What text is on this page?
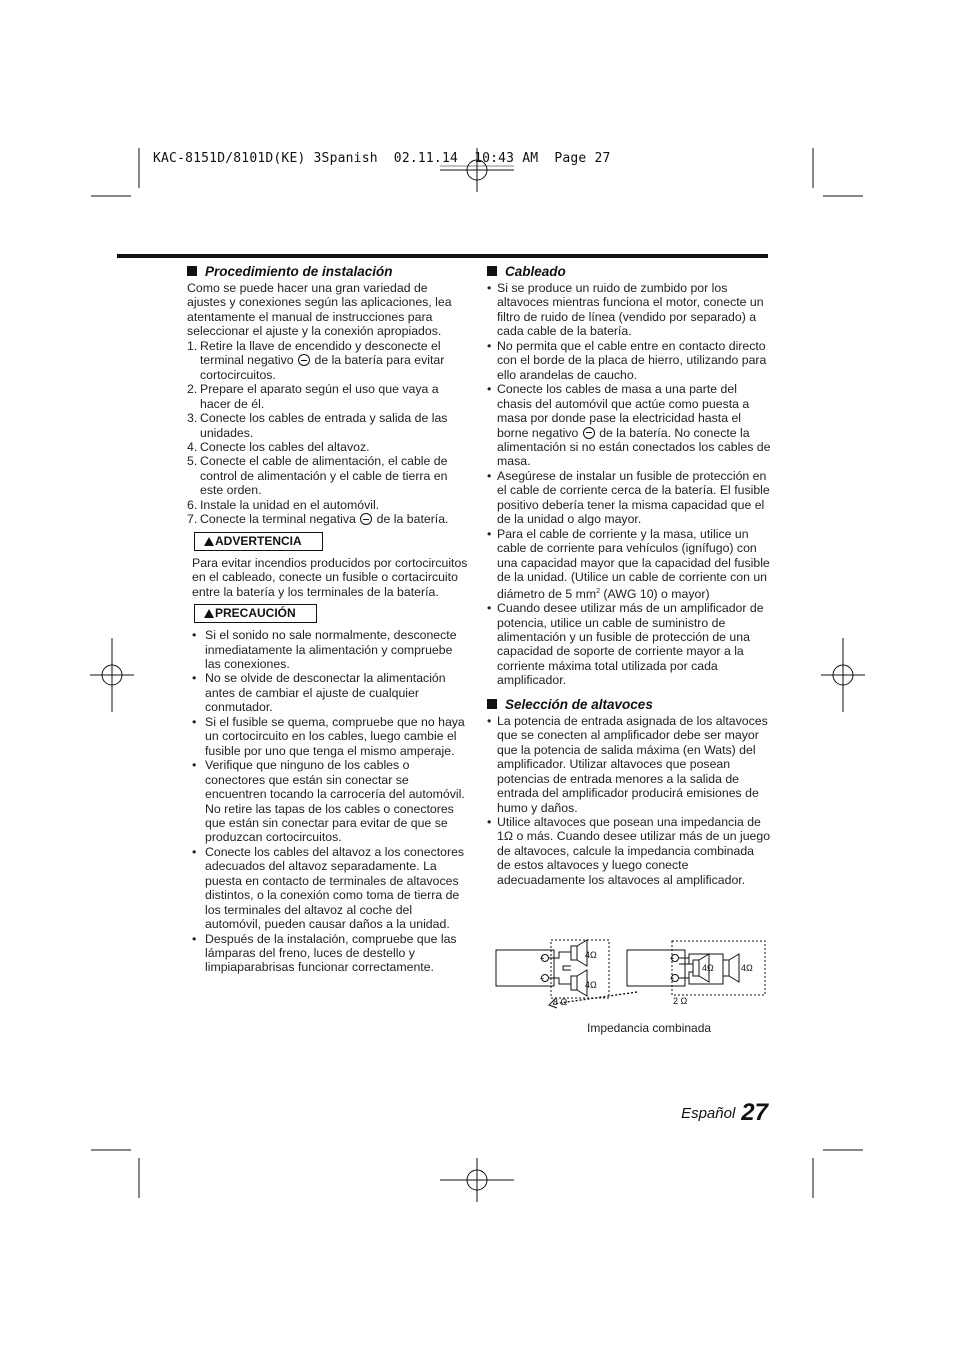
KAC-8151D/8101D(KE) 3Spanish  02.11.14  10:43 AM  Page 27
Procedimiento de instalación

Como se puede hacer una gran variedad de ajustes y conexiones según las aplicaciones, lea atentamente el manual de instrucciones para seleccionar el ajuste y la conexión apropiados.

1. Retire la llave de encendido y desconecte el terminal negativo  de la batería para evitar cortocircuitos.
2. Prepare el aparato según el uso que vaya a hacer de él.
3. Conecte los cables de entrada y salida de las unidades.
4. Conecte los cables del altavoz.
5. Conecte el cable de alimentación, el cable de control de alimentación y el cable de tierra en este orden.
6. Instale la unidad en el automóvil.
7. Conecte la terminal negativa  de la batería.
ADVERTENCIA

Para evitar incendios producidos por cortocircuitos en el cableado, conecte un fusible o cortacircuito entre la batería y los terminales de la batería.

PRECAUCIÓN
• Si el sonido no sale normalmente, desconecte inmediatamente la alimentación y compruebe las conexiones.
• No se olvide de desconectar la alimentación antes de cambiar el ajuste de cualquier conmutador.
• Si el fusible se quema, compruebe que no haya un cortocircuito en los cables, luego cambie el fusible por uno que tenga el mismo amperaje.
• Verifique que ninguno de los cables o conectores que están sin conectar se encuentren tocando la carrocería del automóvil. No retire las tapas de los cables o conectores que están sin conectar para evitar de que se produzcan cortocircuitos.
• Conecte los cables del altavoz a los conectores adecuados del altavoz separadamente. La puesta en contacto de terminales de altavoces distintos, o la conexión como toma de tierra de los terminales del altavoz al coche del automóvil, pueden causar daños a la unidad.
• Después de la instalación, compruebe que las lámparas del freno, luces de destello y limpiaparabrisas funcionar correctamente.
Cableado
• Si se produce un ruido de zumbido por los altavoces mientras funciona el motor, conecte un filtro de ruido de línea (vendido por separado) a cada cable de la batería.
• No permita que el cable entre en contacto directo con el borde de la placa de hierro, utilizando para ello arandelas de caucho.
• Conecte los cables de masa a una parte del chasis del automóvil que actúe como puesta a masa por donde pase la electricidad hasta el borne negativo  de la batería. No conecte la alimentación si no están conectados los cables de masa.
• Asegúrese de instalar un fusible de protección en el cable de corriente cerca de la batería. El fusible positivo debería tener la misma capacidad que el de la unidad o algo mayor.
• Para el cable de corriente y la masa, utilice un cable de corriente para vehículos (ignífugo) con una capacidad mayor que la capacidad del fusible de la unidad. (Utilice un cable de corriente con un diámetro de 5 $mm^2$ (AWG 10) o mayor)
• Cuando desee utilizar más de un amplificador de potencia, utilice un cable de suministro de alimentación y un fusible de protección de una capacidad de soporte de corriente mayor a la corriente máxima total utilizada por cada amplificador.
Selección de altavoces
• La potencia de entrada asignada de los altavoces que se conecten al amplificador debe ser mayor que la potencia de salida máxima (en Wats) del amplificador. Utilizar altavoces que posean potencias de entrada menores a la salida de entrada del amplificador producirá emisiones de humo y daños.
• Utilice altavoces que posean una impedancia de 1Ω o más. Cuando desee utilizar más de un juego de altavoces, calcule la impedancia combinada de estos altavoces y luego conecte adecuadamente los altavoces al amplificador.
+
−
4Ω
4Ω
8 Ω
+
−
4Ω	4Ω
2 Ω
Impedancia combinada
Español 27
